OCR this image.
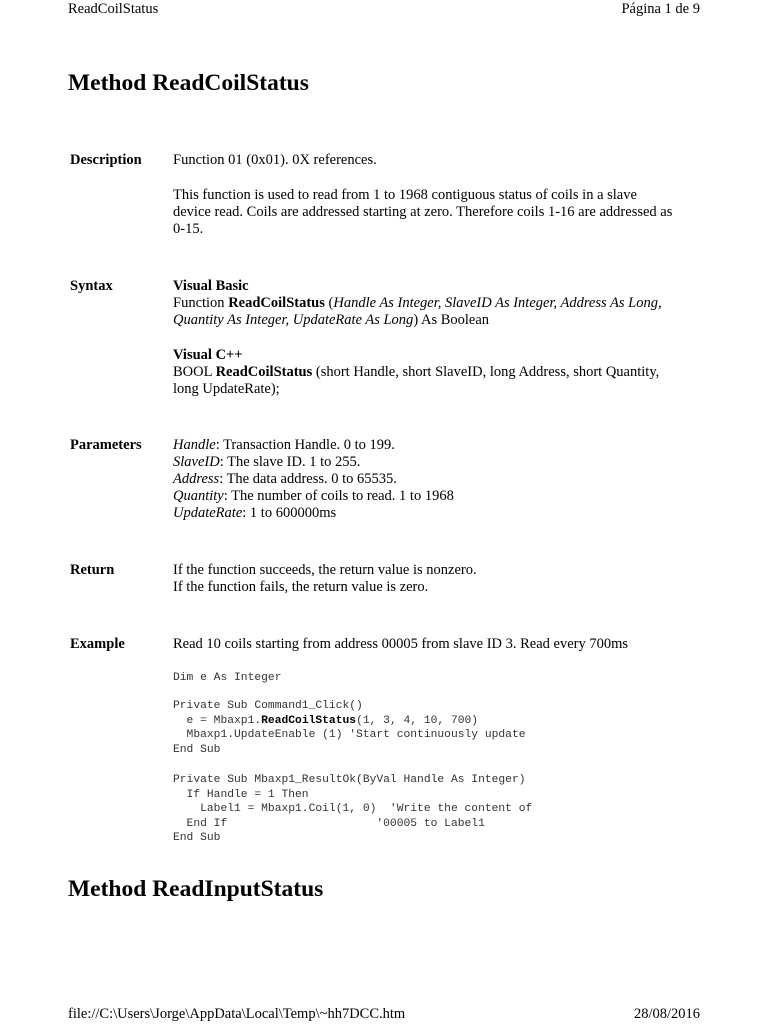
ReadCoilStatus	Página 1 de 9
Method ReadCoilStatus
Description Function 01 (0x01). 0X references.

This function is used to read from 1 to 1968 contiguous status of coils in a slave

device read. Coils are addressed starting at zero. Therefore coils 1-16 are addressed as

0-15.

Syntax	Visual Basic

Function ReadCoilStatus (Handle As Integer, SlaveID As Integer, Address As Long,

Quantity As Integer, UpdateRate As Long) As Boolean

Visual C++

BOOL ReadCoilStatus (short Handle, short SlaveID, long Address, short Quantity,

long UpdateRate);

Parameters Handle: Transaction Handle. 0 to 199.

SlaveID: The slave ID. 1 to 255.

Address: The data address. 0 to 65535.

Quantity: The number of coils to read. 1 to 1968

UpdateRate: 1 to 600000ms

Return	If the function succeeds, the return value is nonzero.

If the function fails, the return value is zero.

Example	Read 10 coils starting from address 00005 from slave ID 3. Read every 700ms
Dim e As Integer
Private Sub Command1_Click()
e = Mbaxp1.ReadCoilStatus(1, 3, 4, 10, 700)
Mbaxp1.UpdateEnable (1) 'Start continuously update
End Sub
Private Sub Mbaxp1_ResultOk(ByVal Handle As Integer)
If Handle = 1 Then
Label1 = Mbaxp1.Coil(1, 0)  'Write the content of
End If                      '00005 to Label1
End Sub
Method ReadInputStatus
file://C:\Users\Jorge\AppData\Local\Temp\~hh7DCC.htm	28/08/2016
